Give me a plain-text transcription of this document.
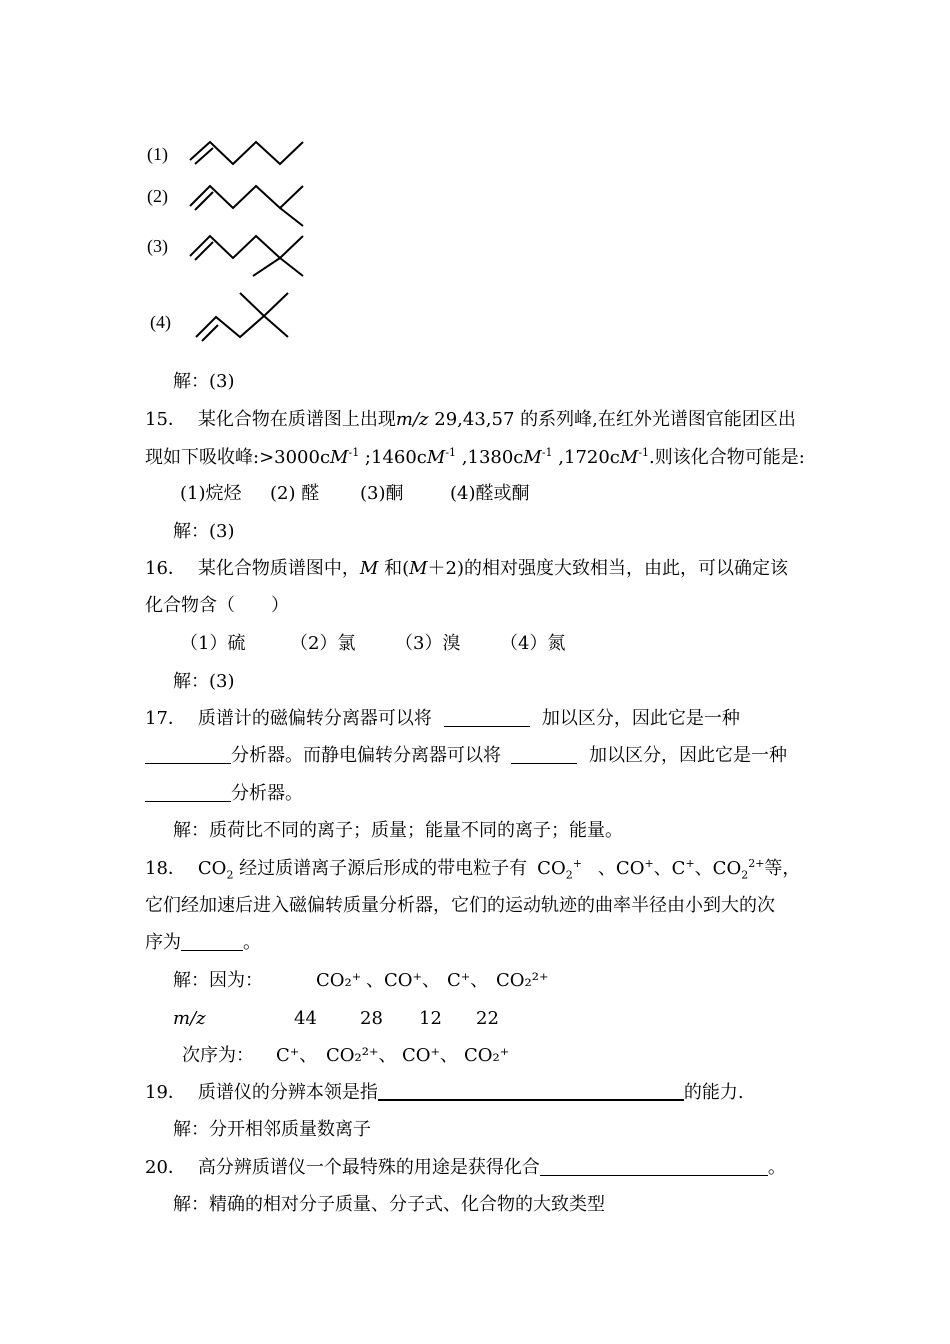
(1)
(2)
(3)
(4)
解：(3)
15． 某化合物在质谱图上出现m/z 29,43,57 的系列峰,在红外光谱图官能团区出
现如下吸收峰$:>3000cM^{-1}$ $;1460cM^{-1}$ $,1380cM^{-1}$ $,1720cM^{-1}$.则该化合物可能是:
(1)烷烃 (2) 醛 (3)酮	(4)醛或酮
解：(3)
16． 某化合物质谱图中，M 和(M＋2)的相对强度大致相当，由此，可以确定该
化合物含（　　）
（1）硫 （2）氯 （3）溴 （4）氮
解：(3)
17． 质谱计的磁偏转分离器可以将	加以区分，因此它是一种
分析器。而静电偏转分离器可以将	加以区分，因此它是一种
分析器。
解：质荷比不同的离子；质量；能量不同的离子；能量。
18． $CO_2$ 经过质谱离子源后形成的带电粒子有 $CO_2^+$ 、CO+、C+、$CO_2^{2+}$等，
它们经加速后进入磁偏转质量分析器，它们的运动轨迹的曲率半径由小到大的次
序为	。
解：因为：	CO₂⁺ 、CO⁺、 C⁺、 CO₂²⁺
m/z	44 28 12 22
次序为： C⁺、 CO₂²⁺、 CO⁺、 CO₂⁺
19． 质谱仪的分辨本领是指	的能力.
解：分开相邻质量数离子
20． 高分辨质谱仪一个最特殊的用途是获得化合	。
解：精确的相对分子质量、分子式、化合物的大致类型
